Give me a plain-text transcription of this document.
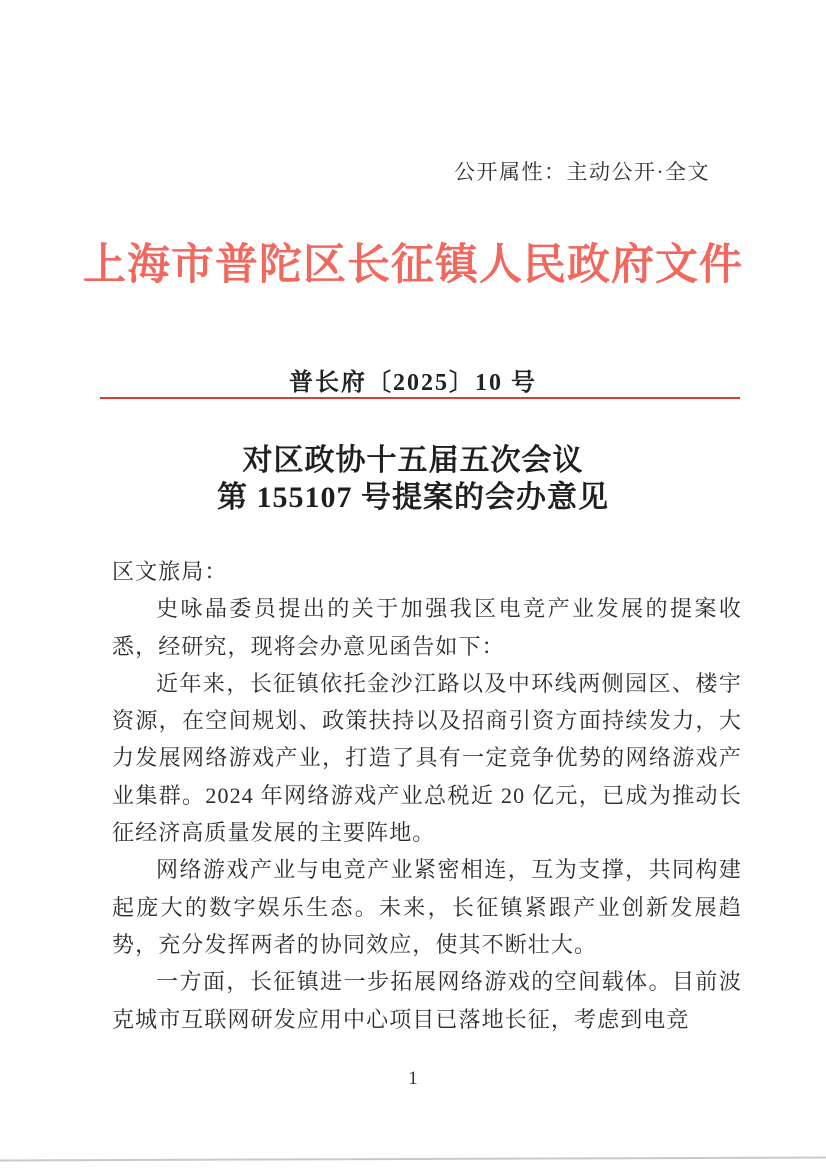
公开属性：主动公开·全文
上海市普陀区长征镇人民政府文件
普长府〔2025〕10 号
对区政协十五届五次会议
第 155107 号提案的会办意见

区文旅局：

史咏晶委员提出的关于加强我区电竞产业发展的提案收悉，经研究，现将会办意见函告如下：

近年来，长征镇依托金沙江路以及中环线两侧园区、楼宇资源，在空间规划、政策扶持以及招商引资方面持续发力，大力发展网络游戏产业，打造了具有一定竞争优势的网络游戏产业集群。2024 年网络游戏产业总税近 20 亿元，已成为推动长征经济高质量发展的主要阵地。

网络游戏产业与电竞产业紧密相连，互为支撑，共同构建起庞大的数字娱乐生态。未来，长征镇紧跟产业创新发展趋势，充分发挥两者的协同效应，使其不断壮大。

一方面，长征镇进一步拓展网络游戏的空间载体。目前波克城市互联网研发应用中心项目已落地长征，考虑到电竞

1
